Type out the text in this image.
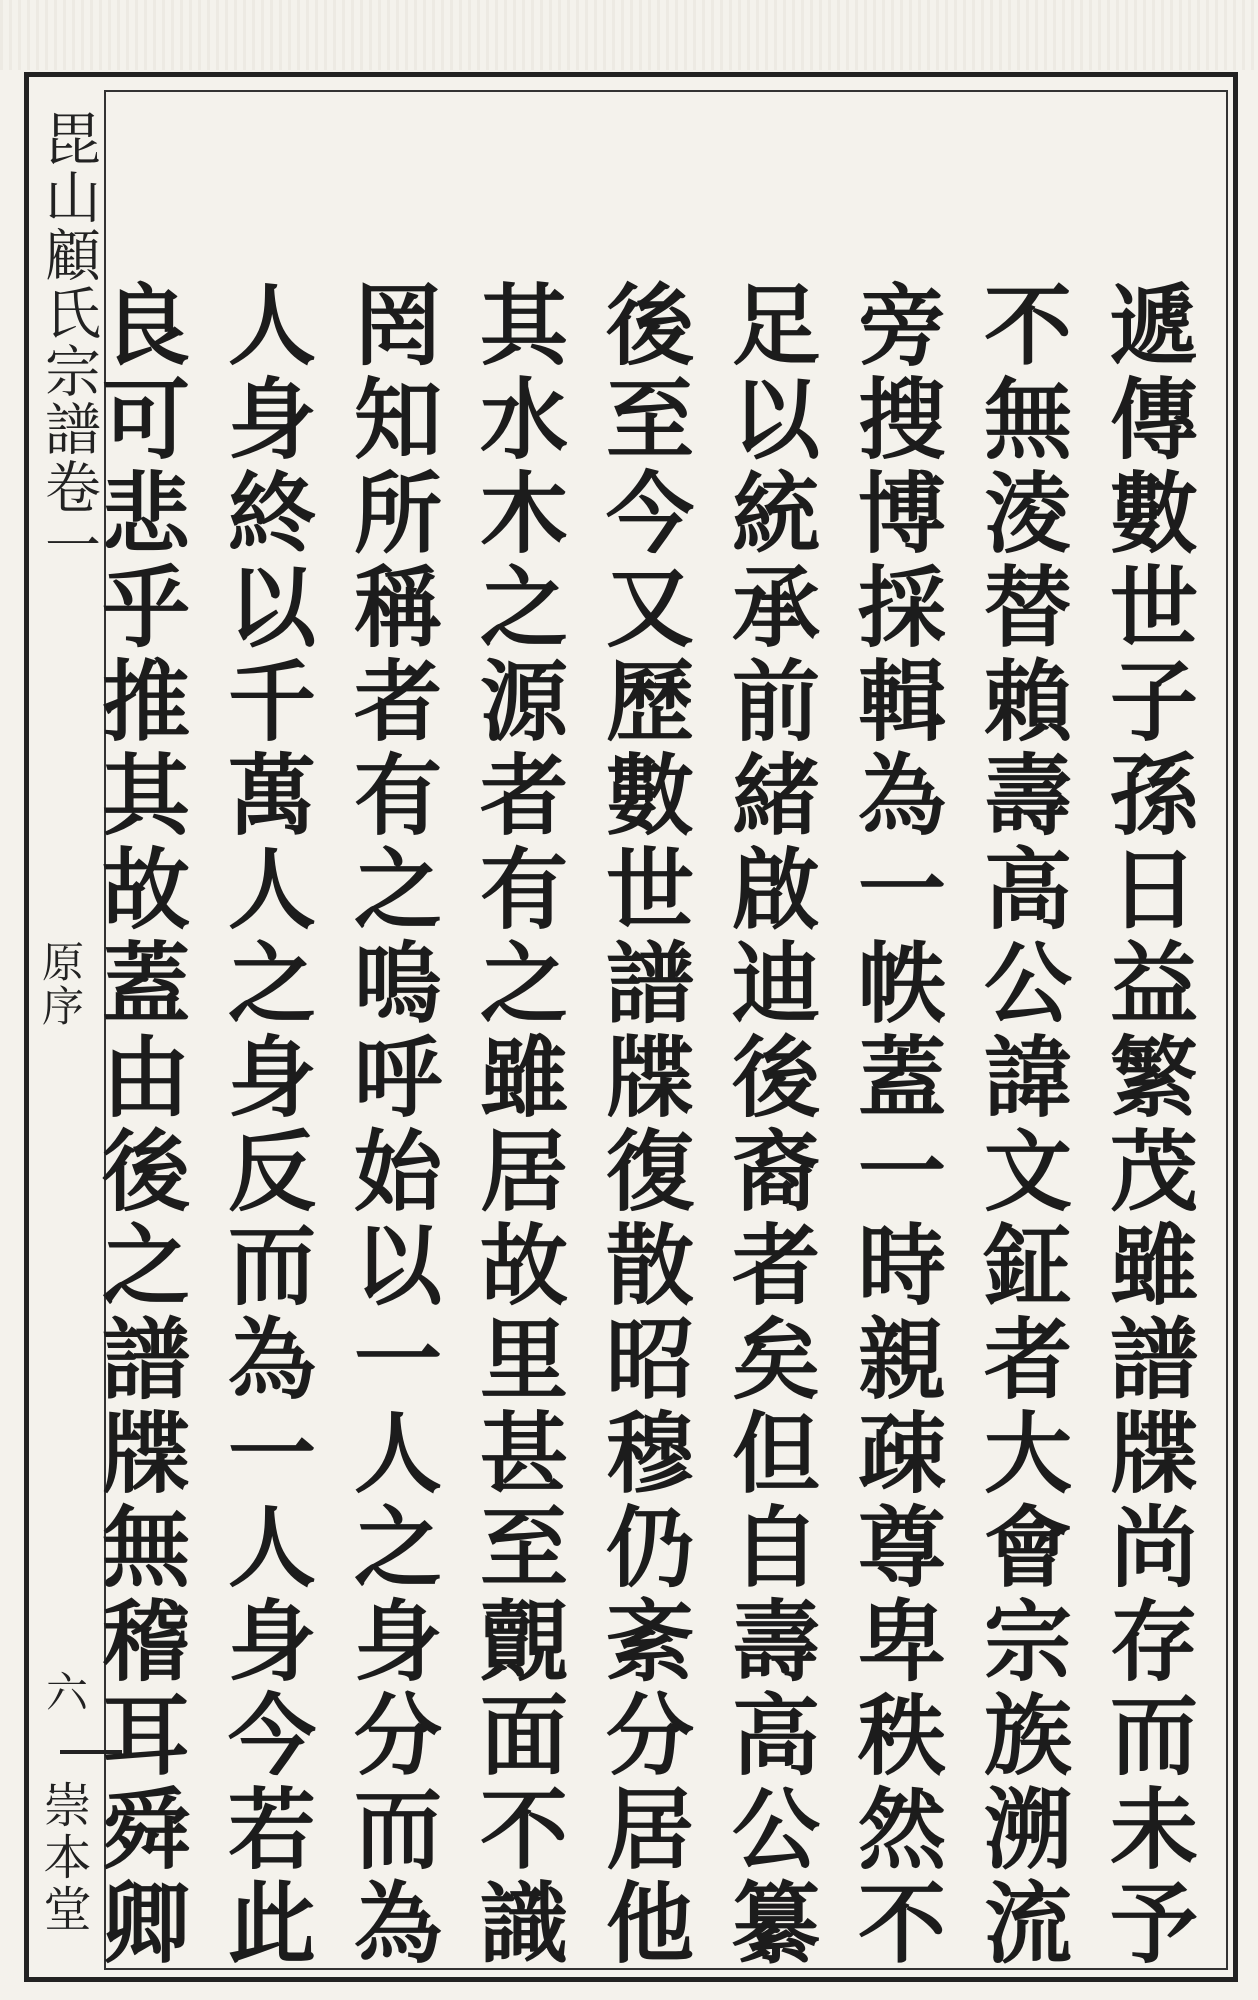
毘山顧氏宗譜卷一
原序
六
崇本堂
遞傳數世子孫日益繁茂雖譜牒尚存而未予
不無淩替賴壽高公諱文鉦者大會宗族溯流
旁搜博採輯為一帙蓋一時親疎尊卑秩然不
足以統承前緒啟迪後裔者矣但自壽高公纂
後至今又歷數世譜牒復散昭穆仍紊分居他
其水木之源者有之雖居故里甚至覿面不識
罔知所稱者有之嗚呼始以一人之身分而為
人身終以千萬人之身反而為一人身今若此
良可悲乎推其故蓋由後之譜牒無稽耳舜卿
